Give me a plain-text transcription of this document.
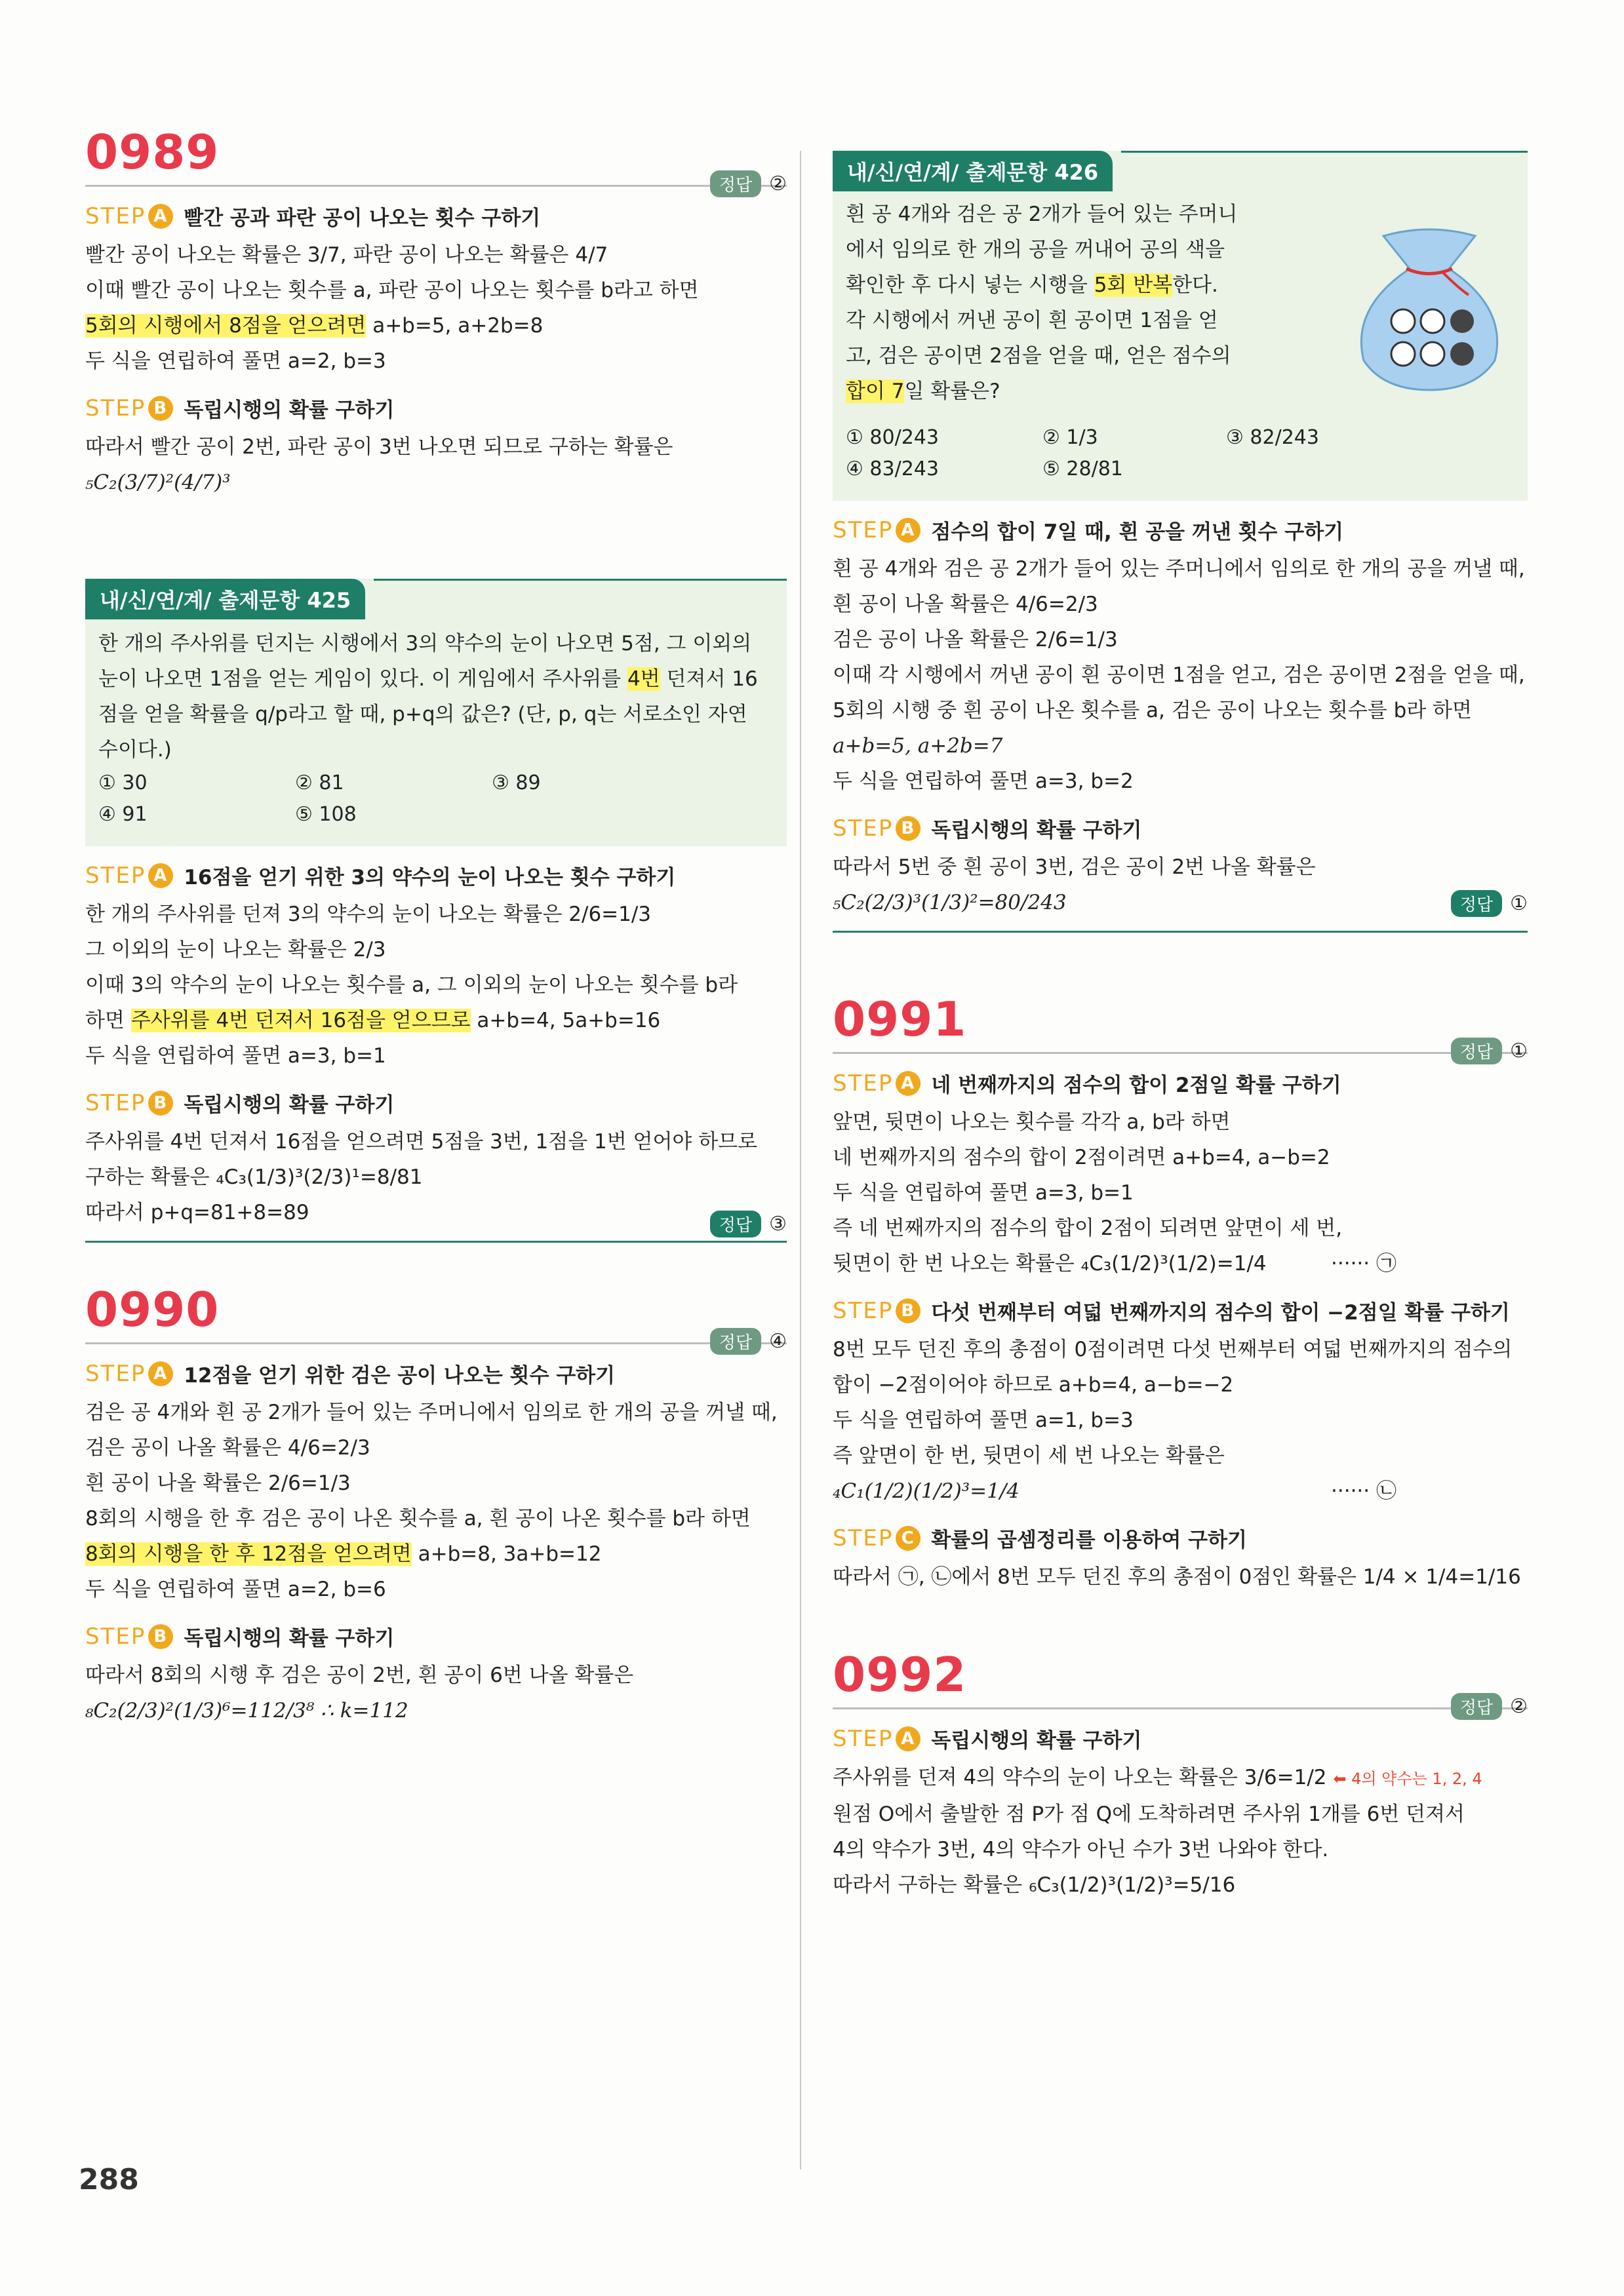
0989
정답 ②
STEP A 빨간 공과 파란 공이 나오는 횟수 구하기
빨간 공이 나오는 확률은 3/7, 파란 공이 나오는 확률은 4/7
이때 빨간 공이 나오는 횟수를 a, 파란 공이 나오는 횟수를 b라고 하면
5회의 시행에서 8점을 얻으려면 a+b=5, a+2b=8
두 식을 연립하여 풀면 a=2, b=3
STEP B 독립시행의 확률 구하기
따라서 빨간 공이 2번, 파란 공이 3번 나오면 되므로 구하는 확률은
₅C₂(3/7)²(4/7)³
내/신/연/계/ 출제문항 425
한 개의 주사위를 던지는 시행에서 3의 약수의 눈이 나오면 5점, 그 이외의
눈이 나오면 1점을 얻는 게임이 있다. 이 게임에서 주사위를 4번 던져서 16
점을 얻을 확률을 q/p라고 할 때, p+q의 값은? (단, p, q는 서로소인 자연
수이다.)
① 30	② 81	③ 89
④ 91	⑤ 108
STEP A 16점을 얻기 위한 3의 약수의 눈이 나오는 횟수 구하기
한 개의 주사위를 던져 3의 약수의 눈이 나오는 확률은 2/6=1/3
그 이외의 눈이 나오는 확률은 2/3
이때 3의 약수의 눈이 나오는 횟수를 a, 그 이외의 눈이 나오는 횟수를 b라
하면 주사위를 4번 던져서 16점을 얻으므로 a+b=4, 5a+b=16
두 식을 연립하여 풀면 a=3, b=1
STEP B 독립시행의 확률 구하기
주사위를 4번 던져서 16점을 얻으려면 5점을 3번, 1점을 1번 얻어야 하므로
구하는 확률은 ₄C₃(1/3)³(2/3)¹=8/81
따라서 p+q=81+8=89
정답 ③
0990
정답 ④
STEP A 12점을 얻기 위한 검은 공이 나오는 횟수 구하기
검은 공 4개와 흰 공 2개가 들어 있는 주머니에서 임의로 한 개의 공을 꺼낼 때,
검은 공이 나올 확률은 4/6=2/3
흰 공이 나올 확률은 2/6=1/3
8회의 시행을 한 후 검은 공이 나온 횟수를 a, 흰 공이 나온 횟수를 b라 하면
8회의 시행을 한 후 12점을 얻으려면 a+b=8, 3a+b=12
두 식을 연립하여 풀면 a=2, b=6
STEP B 독립시행의 확률 구하기
따라서 8회의 시행 후 검은 공이 2번, 흰 공이 6번 나올 확률은
₈C₂(2/3)²(1/3)⁶=112/3⁸ ∴ k=112
288
내/신/연/계/ 출제문항 426
흰 공 4개와 검은 공 2개가 들어 있는 주머니
에서 임의로 한 개의 공을 꺼내어 공의 색을
확인한 후 다시 넣는 시행을 5회 반복한다.
각 시행에서 꺼낸 공이 흰 공이면 1점을 얻
고, 검은 공이면 2점을 얻을 때, 얻은 점수의
합이 7일 확률은?
① 80/243	② 1/3	③ 82/243
④ 83/243	⑤ 28/81
STEP A 점수의 합이 7일 때, 흰 공을 꺼낸 횟수 구하기
흰 공 4개와 검은 공 2개가 들어 있는 주머니에서 임의로 한 개의 공을 꺼낼 때,
흰 공이 나올 확률은 4/6=2/3
검은 공이 나올 확률은 2/6=1/3
이때 각 시행에서 꺼낸 공이 흰 공이면 1점을 얻고, 검은 공이면 2점을 얻을 때,
5회의 시행 중 흰 공이 나온 횟수를 a, 검은 공이 나오는 횟수를 b라 하면
a+b=5, a+2b=7
두 식을 연립하여 풀면 a=3, b=2
STEP B 독립시행의 확률 구하기
따라서 5번 중 흰 공이 3번, 검은 공이 2번 나올 확률은
₅C₂(2/3)³(1/3)²=80/243	정답 ①
0991
정답 ①
STEP A 네 번째까지의 점수의 합이 2점일 확률 구하기
앞면, 뒷면이 나오는 횟수를 각각 a, b라 하면
네 번째까지의 점수의 합이 2점이려면 a+b=4, a−b=2
두 식을 연립하여 풀면 a=3, b=1
즉 네 번째까지의 점수의 합이 2점이 되려면 앞면이 세 번,
뒷면이 한 번 나오는 확률은 ₄C₃(1/2)³(1/2)=1/4	······ ㉠
STEP B 다섯 번째부터 여덟 번째까지의 점수의 합이 −2점일 확률 구하기
8번 모두 던진 후의 총점이 0점이려면 다섯 번째부터 여덟 번째까지의 점수의
합이 −2점이어야 하므로 a+b=4, a−b=−2
두 식을 연립하여 풀면 a=1, b=3
즉 앞면이 한 번, 뒷면이 세 번 나오는 확률은
₄C₁(1/2)(1/2)³=1/4	······ ㉡
STEP C 확률의 곱셈정리를 이용하여 구하기
따라서 ㉠, ㉡에서 8번 모두 던진 후의 총점이 0점인 확률은 1/4 × 1/4=1/16
0992
정답 ②
STEP A 독립시행의 확률 구하기
주사위를 던져 4의 약수의 눈이 나오는 확률은 3/6=1/2 ⬅ 4의 약수는 1, 2, 4
원점 O에서 출발한 점 P가 점 Q에 도착하려면 주사위 1개를 6번 던져서
4의 약수가 3번, 4의 약수가 아닌 수가 3번 나와야 한다.
따라서 구하는 확률은 ₆C₃(1/2)³(1/2)³=5/16
